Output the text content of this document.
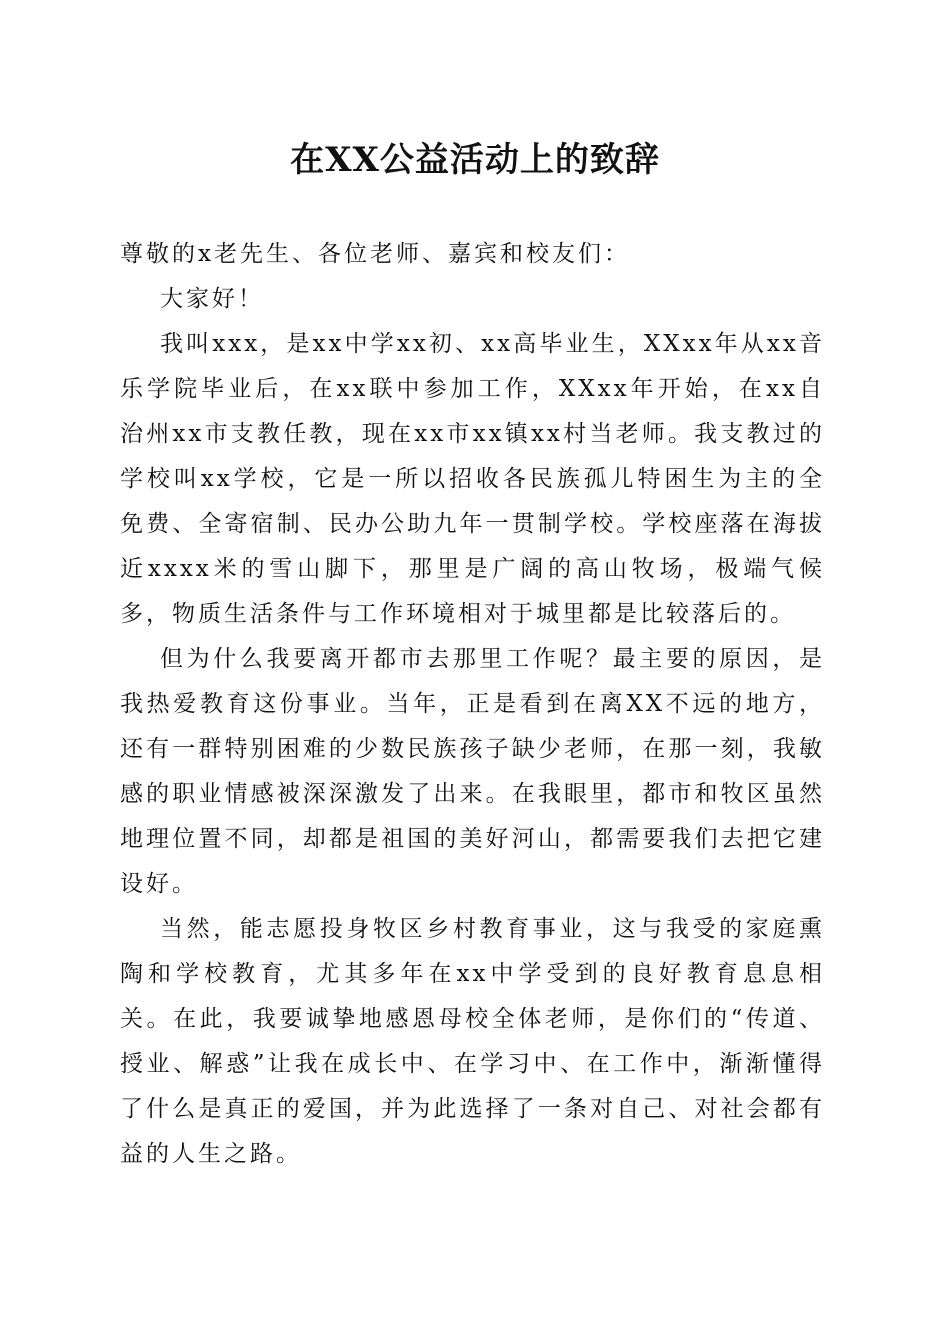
在XX公益活动上的致辞

尊敬的x老先生、各位老师、嘉宾和校友们：

大家好！

我叫xxx，是xx中学xx初、xx高毕业生，XXxx年从xx音乐学院毕业后，在xx联中参加工作，XXxx年开始，在xx自治州xx市支教任教，现在xx市xx镇xx村当老师。我支教过的学校叫xx学校，它是一所以招收各民族孤儿特困生为主的全免费、全寄宿制、民办公助九年一贯制学校。学校座落在海拔近xxxx米的雪山脚下，那里是广阔的高山牧场，极端气候多，物质生活条件与工作环境相对于城里都是比较落后的。

但为什么我要离开都市去那里工作呢？最主要的原因，是我热爱教育这份事业。当年，正是看到在离XX不远的地方，还有一群特别困难的少数民族孩子缺少老师，在那一刻，我敏感的职业情感被深深激发了出来。在我眼里，都市和牧区虽然地理位置不同，却都是祖国的美好河山，都需要我们去把它建设好。

当然，能志愿投身牧区乡村教育事业，这与我受的家庭熏陶和学校教育，尤其多年在xx中学受到的良好教育息息相关。在此，我要诚挚地感恩母校全体老师，是你们的“传道、授业、解惑”让我在成长中、在学习中、在工作中，渐渐懂得了什么是真正的爱国，并为此选择了一条对自己、对社会都有益的人生之路。
